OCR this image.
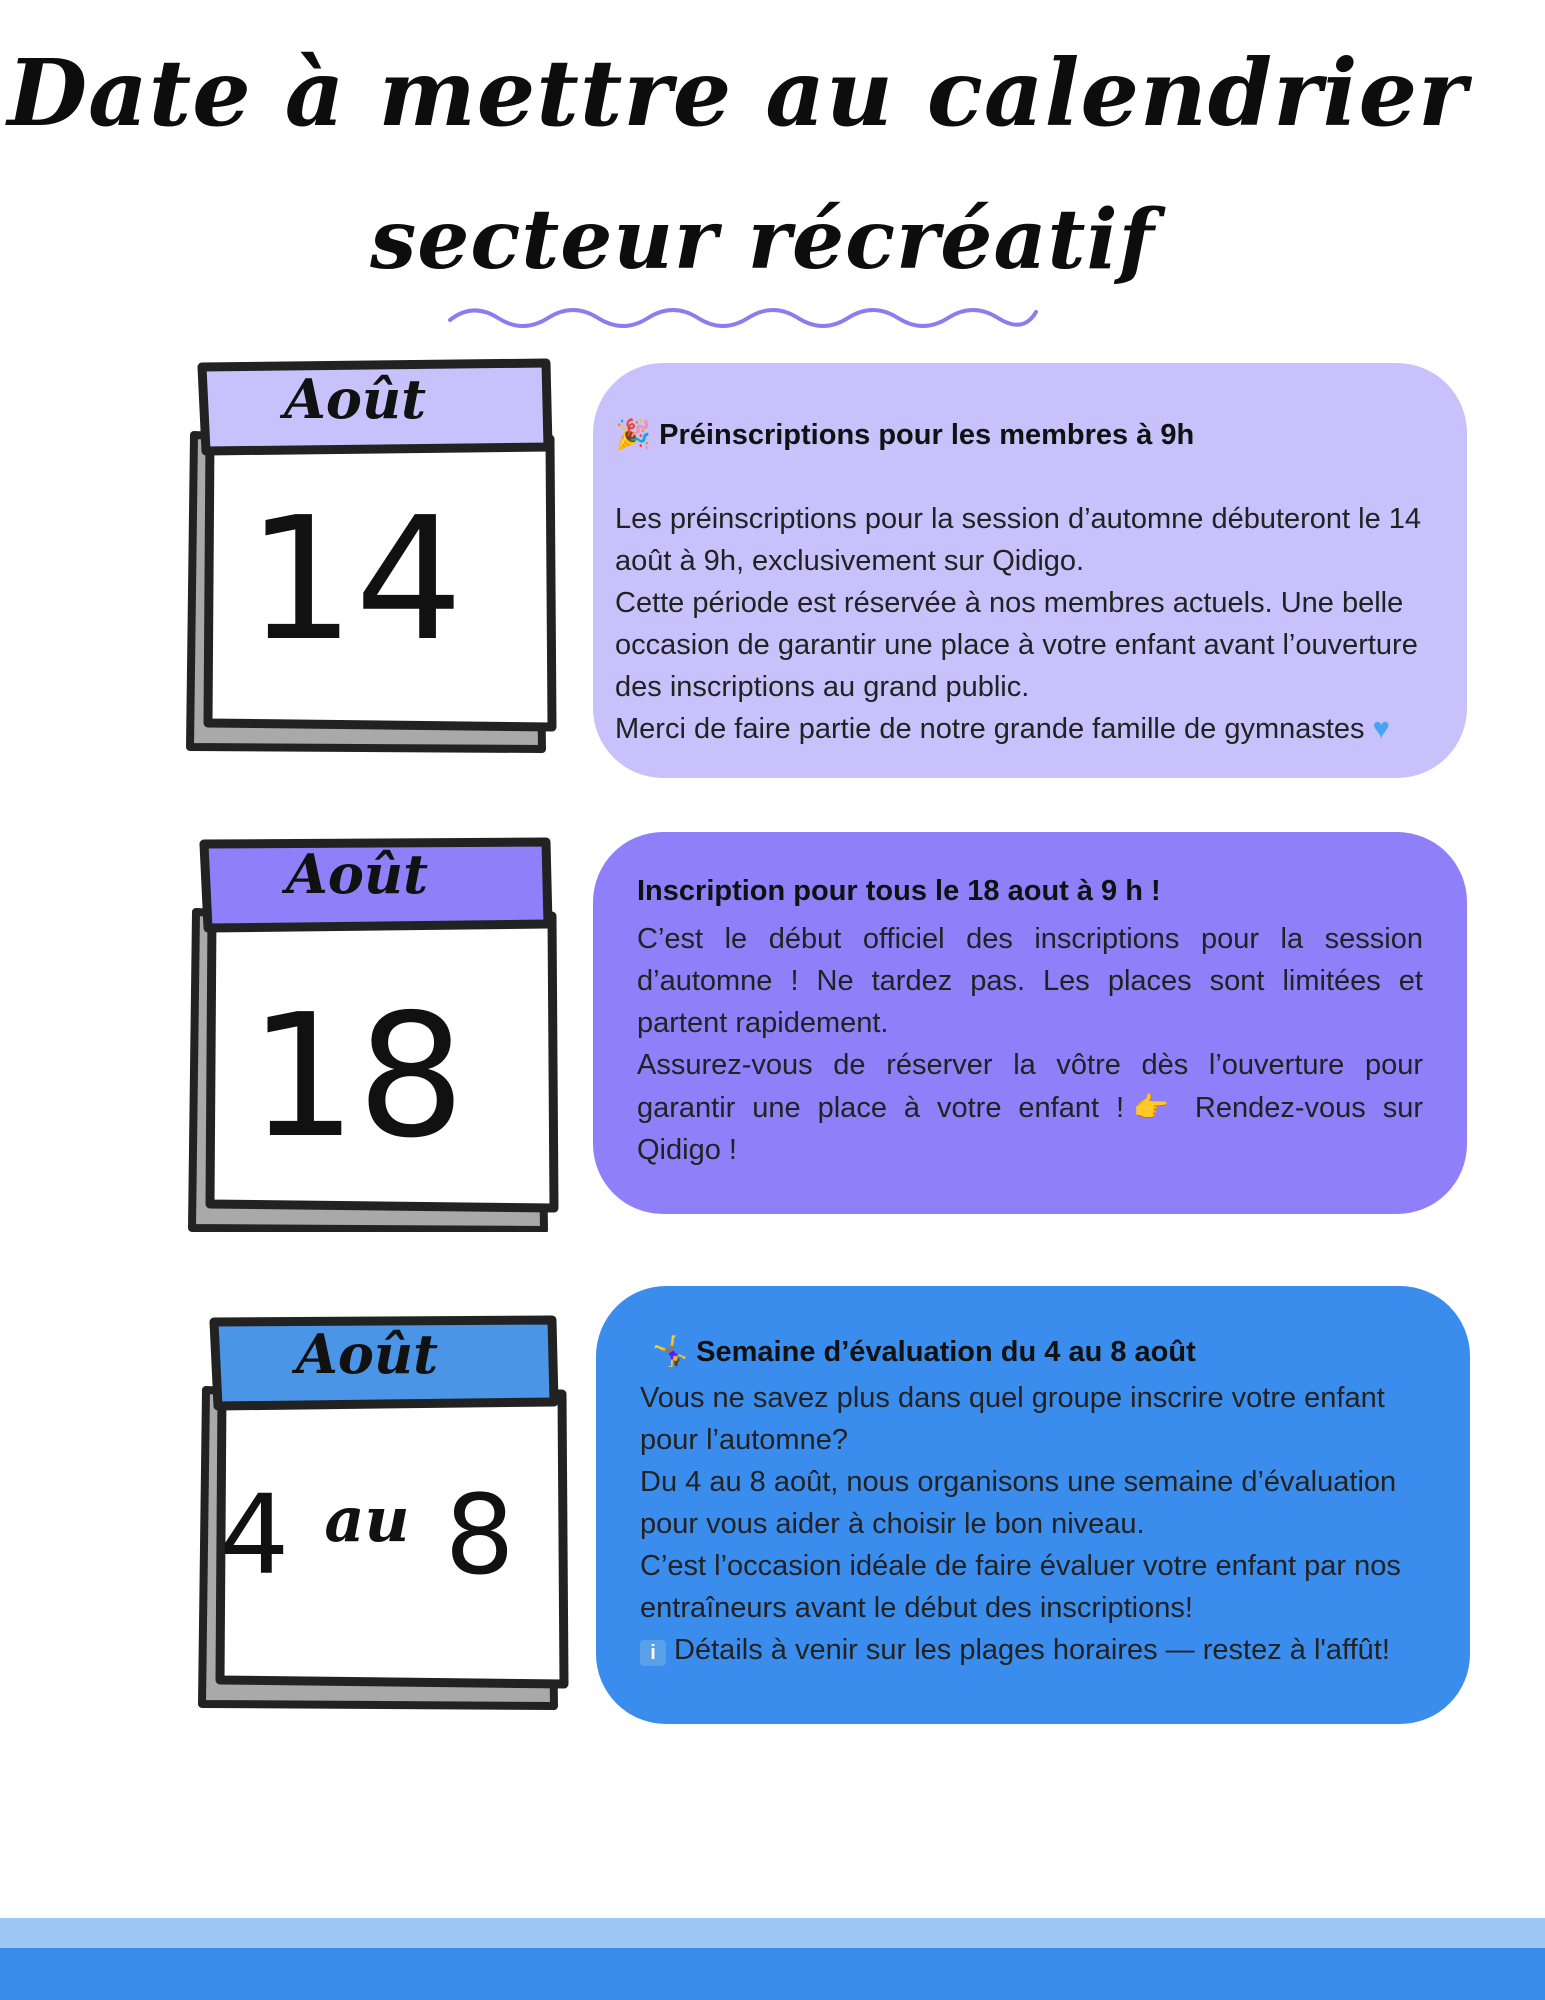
Date à mettre au calendrier
secteur récréatif
Août
14
Août
18
Août
4 $^{au}$ 8

🎉 Préinscriptions pour les membres à 9h

Les préinscriptions pour la session d’automne débuteront le 14 août à 9h, exclusivement sur Qidigo.

Cette période est réservée à nos membres actuels. Une belle occasion de garantir une place à votre enfant avant l’ouverture des inscriptions au grand public.

Merci de faire partie de notre grande famille de gymnastes ♥

Inscription pour tous le 18 aout à 9 h !

C’est le début officiel des inscriptions pour la session d’automne ! Ne tardez pas. Les places sont limitées et partent rapidement.

Assurez-vous de réserver la vôtre dès l’ouverture pour garantir une place à votre enfant !👉 Rendez-vous sur Qidigo !

🤸‍♀️ Semaine d’évaluation du 4 au 8 août

Vous ne savez plus dans quel groupe inscrire votre enfant pour l’automne?

Du 4 au 8 août, nous organisons une semaine d’évaluation pour vous aider à choisir le bon niveau.

C’est l’occasion idéale de faire évaluer votre enfant par nos entraîneurs avant le début des inscriptions!

i Détails à venir sur les plages horaires — restez à l'affût!
